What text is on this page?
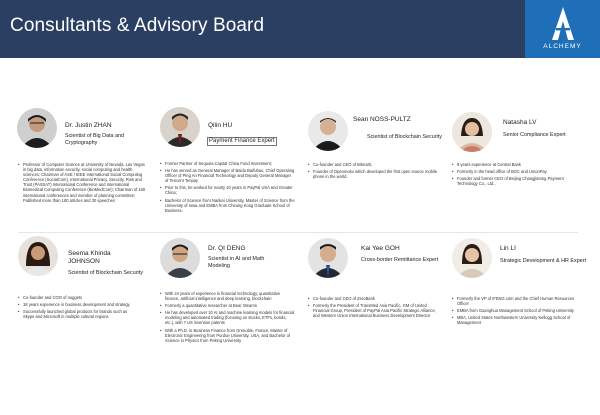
Consultants & Advisory Board
ALCHEMY
Dr. Justin ZHAN
Scientist of Big Data and Cryptography
• Professor of Computer Science at University of Nevada, Las Vegas in big data, information security, social computing and health sciences; Chairman of ASE / IEEE International Social Computing Conference (SocialCom), International Privacy, Security, Risk and Trust (PASSAT) International Conference and International Biomedical Computing Conference (BioMedCom); Chairman of 160 international conferences and member of planning committee; Published more than 180 articles and 30 speeches
Qilin HU
Payment Finance Expert
• Former Partner of Sequoia Capital China Fund Investment;
• He has served as General Manager of Baidu Baifubao, Chief Operating Officer of Ping An Financial Technology and Deputy General Manager of Tencent Tenpay
• Prior to this, he worked for nearly 10 years in PayPal USA and Greater China;
• Bachelor of Science from Nankai University, Master of Science from the University of Iowa and EMBA from Cheung Kong Graduate School of Business.
Sean NOSS-PULTZ
Scientist of Blockchain Security
• Co-founder and CEO of Bitmark;
• Founder of Openmoko which developed the first open source mobile phone in the world.
Natasha LV
Senior Compliance Expert
• 8 years experience at Central Bank
• Formerly in the head office of BOC and UnionPay
• Founder and former CEO of Beijing Changjiatong Payment Technology Co., Ltd.,
Seema Khinda JOHNSON
Scientist of Blockchain Security
• Co-founder and COO of nuggets
• 18 years experience in business development and strategy
• Successfully launched global products for brands such as Skype and Microsoft in multiple cultural regions
Dr. QI DENG
Scientist in AI and Math Modeling
• With 24 years of experience in financial technology, quantitative finance, artificial intelligence and deep learning, blockchain
• Formerly a quantitative researcher at Bear Stearns
• He has developed over 10 AI and machine learning models for financial modeling and automated trading (focusing on stocks, ETFs, bonds, etc.), with 7 US invention patents
• With a Ph.D. in Business Finance from Grenoble, France, Master of Electronic Engineering from Purdue University, USA, and Bachelor of Science in Physics from Peking University
Kai Yee GOH
Cross-border Remittance Expert
• Co-founder and CEO of ZeroBank
• Formerly the President of TransMed Asia Pacific, GM of United Financial Group, President of PayPal Asia Pacific Strategic Alliance, and Western Union International Business Development Director
Lin LI
Strategic Development & HR Expert
• Formerly the VP of IFENG.com and the Chief Human Resources Officer
• EMBA from Guanghua Management School of Peking University
• MBA, United States Northwestern University Kellogg School of Management
